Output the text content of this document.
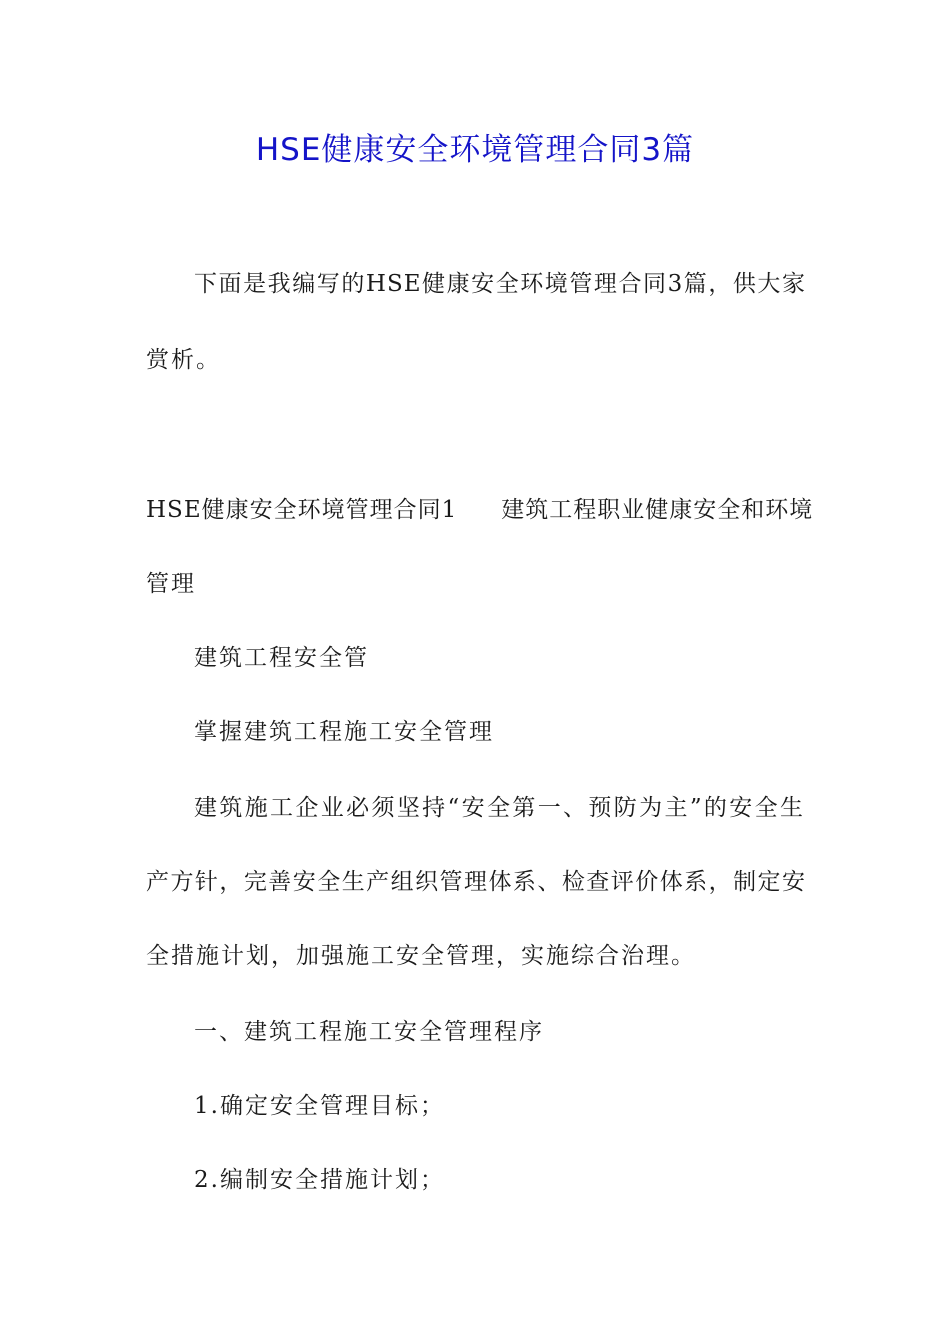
HSE健康安全环境管理合同3篇
下面是我编写的HSE健康安全环境管理合同3篇，供大家
赏析。
HSE健康安全环境管理合同1 建筑工程职业健康安全和环境
管理
建筑工程安全管
掌握建筑工程施工安全管理
建筑施工企业必须坚持“安全第一、预防为主”的安全生
产方针，完善安全生产组织管理体系、检查评价体系，制定安
全措施计划，加强施工安全管理，实施综合治理。
一、建筑工程施工安全管理程序
1.确定安全管理目标；
2.编制安全措施计划；
